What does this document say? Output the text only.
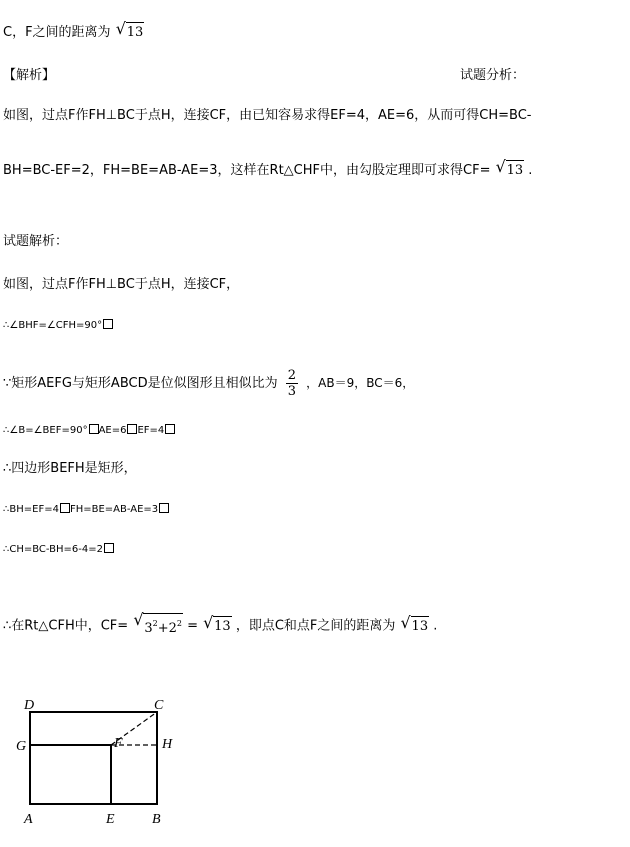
C，F之间的距离为 √ 13
【解析】	试题分析：
如图，过点F作FH⊥BC于点H，连接CF，由已知容易求得EF=4，AE=6，从而可得CH=BC-
BH=BC-EF=2，FH=BE=AB-AE=3，这样在Rt△CHF中，由勾股定理即可求得CF= √ 13 .
试题解析：
如图，过点F作FH⊥BC于点H，连接CF，
∴∠BHF=∠CFH=90°
∵矩形AEFG与矩形ABCD是位似图形且相似比为 $\frac{2}{3}$ ，AB＝9，BC＝6，
∴∠B=∠BEF=90° AE=6 EF=4
∴四边形BEFH是矩形，
∴BH=EF=4 FH=BE=AB-AE=3
∴CH=BC-BH=6-4=2
∴在Rt△CFH中，CF= √ $3^2+2^2$ = √ 13 ，即点C和点F之间的距离为 √ 13 .
D	C
G	F	H
A	E	B
